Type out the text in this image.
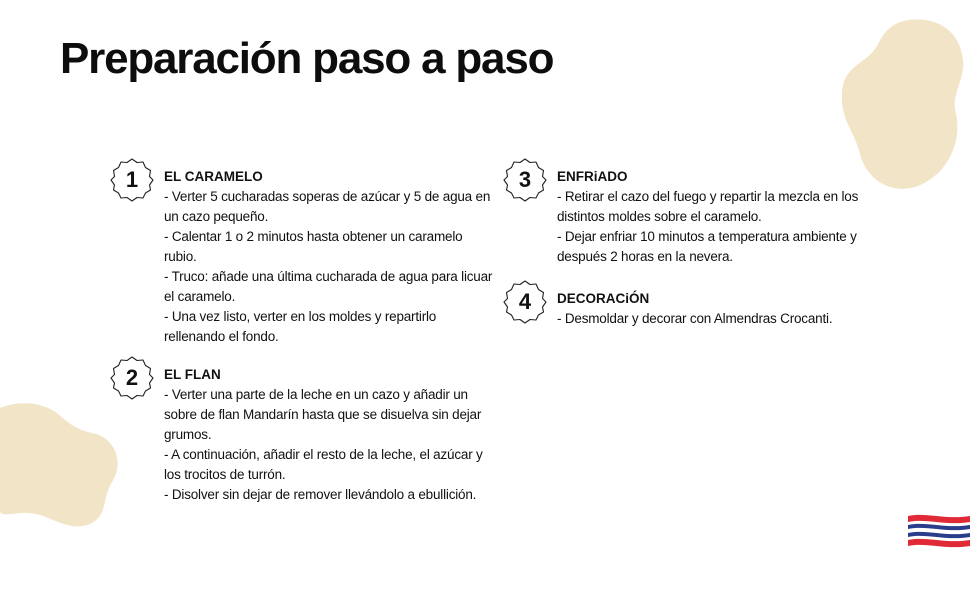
Preparación paso a paso
1	EL CARAMELO

- Verter 5 cucharadas soperas de azúcar y 5 de agua en un cazo pequeño.
- Calentar 1 o 2 minutos hasta obtener un caramelo rubio.
- Truco: añade una última cucharada de agua para licuar el caramelo.
- Una vez listo, verter en los moldes y repartirlo rellenando el fondo.

2	EL FLAN

- Verter una parte de la leche en un cazo y añadir un sobre de flan Mandarín hasta que se disuelva sin dejar grumos.
- A continuación, añadir el resto de la leche, el azúcar y los trocitos de turrón.
- Disolver sin dejar de remover llevándolo a ebullición.

3	ENFRiADO

- Retirar el cazo del fuego y repartir la mezcla en los distintos moldes sobre el caramelo.
- Dejar enfriar 10 minutos a temperatura ambiente y después 2 horas en la nevera.

4	DECORACiÓN

- Desmoldar y decorar con Almendras Crocanti.
